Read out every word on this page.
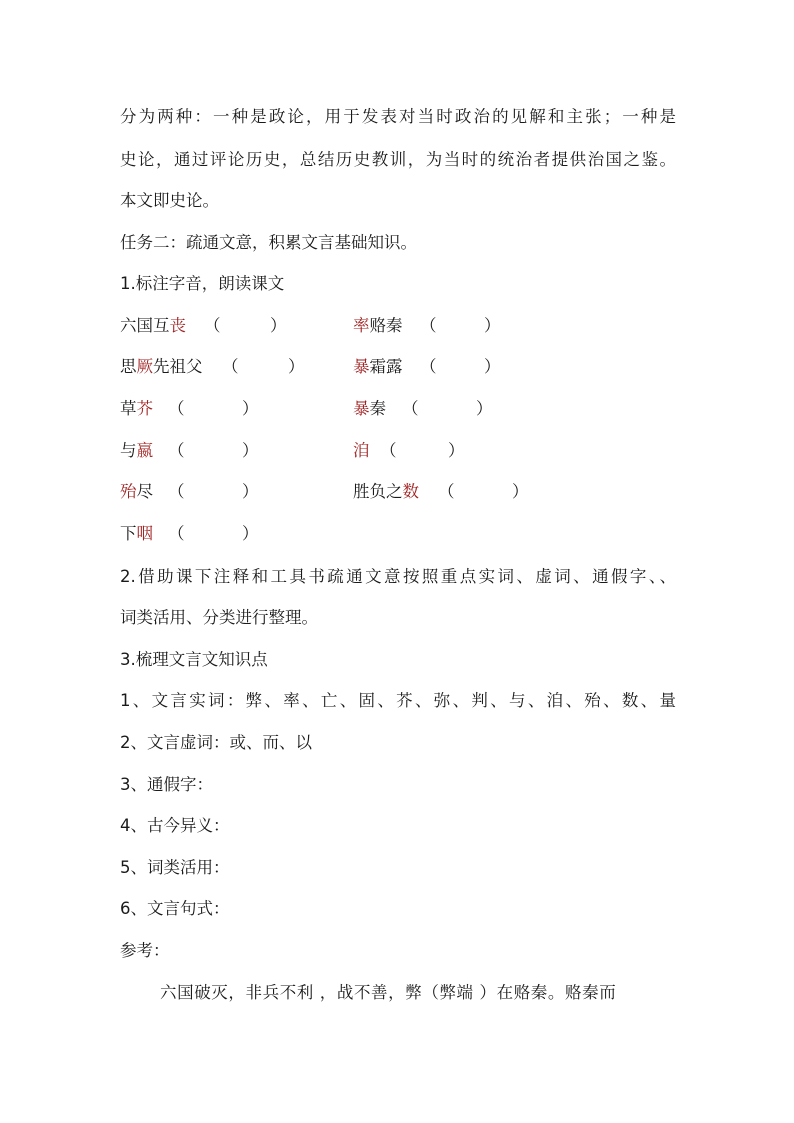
分为两种：一种是政论，用于发表对当时政治的见解和主张；一种是
史论，通过评论历史，总结历史教训，为当时的统治者提供治国之鉴。
本文即史论。
任务二：疏通文意，积累文言基础知识。
1.标注字音，朗读课文
六国互丧 （	）	率赂秦 （	）
思厥先祖父 （	）	暴霜露 （	）
草芥 （	）	暴秦 （	）
与嬴 （	）	洎 （	）
殆尽 （	）	胜负之数 （	）
下咽 （	）
2.借助课下注释和工具书疏通文意按照重点实词、虚词、通假字、、
词类活用、分类进行整理。
3.梳理文言文知识点
1、文言实词：弊、率、亡、固、芥、弥、判、与、洎、殆、数、量
2、文言虚词：或、而、以
3、通假字：
4、古今异义：
5、词类活用：
6、文言句式：
参考：
六国破灭，非兵不利 ，战不善，弊（弊端 ）在赂秦。赂秦而
